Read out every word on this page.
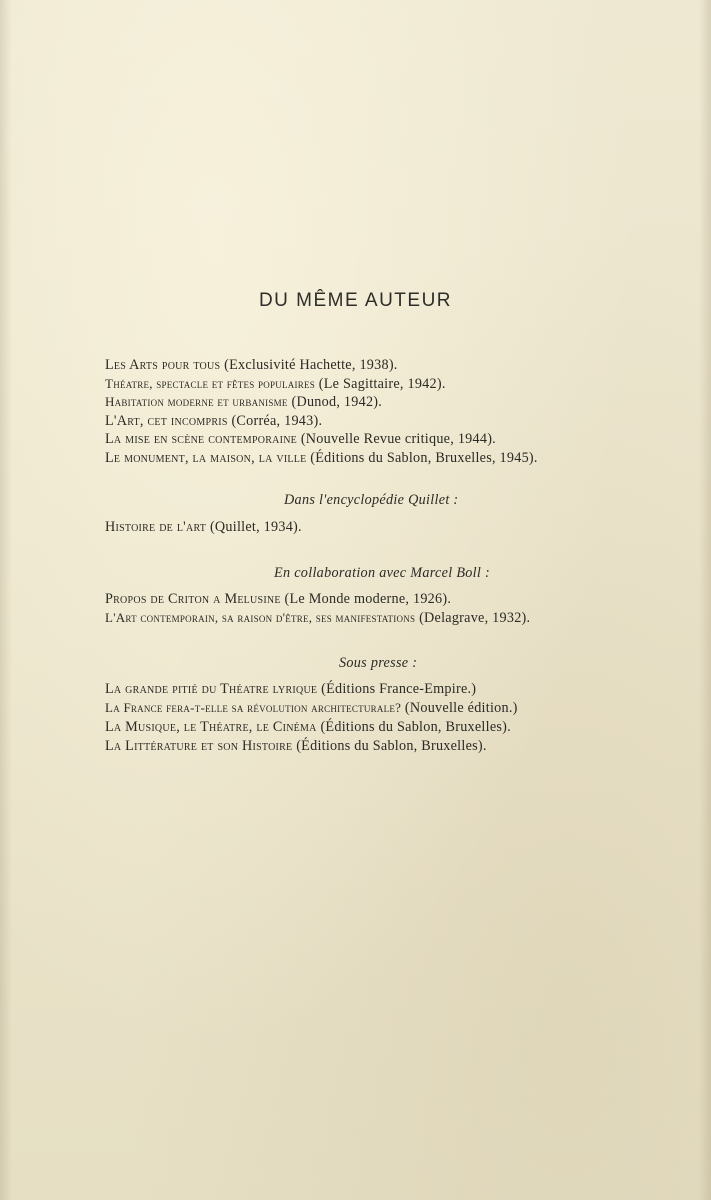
DU MÊME AUTEUR
Les Arts pour tous (Exclusivité Hachette, 1938).
Théatre, spectacle et fêtes populaires (Le Sagittaire, 1942).
Habitation moderne et urbanisme (Dunod, 1942).
L'Art, cet incompris (Corréa, 1943).
La mise en scène contemporaine (Nouvelle Revue critique, 1944).
Le monument, la maison, la ville (Éditions du Sablon, Bruxelles, 1945).
Dans l'encyclopédie Quillet :
Histoire de l'art (Quillet, 1934).
En collaboration avec Marcel Boll :
Propos de Criton a Melusine (Le Monde moderne, 1926).
L'Art contemporain, sa raison d'être, ses manifestations (Delagrave, 1932).
Sous presse :
La grande pitié du Théatre lyrique (Éditions France-Empire.)
La France fera-t-elle sa révolution architecturale? (Nouvelle édition.)
La Musique, le Théatre, le Cinéma (Éditions du Sablon, Bruxelles).
La Littérature et son Histoire (Éditions du Sablon, Bruxelles).
